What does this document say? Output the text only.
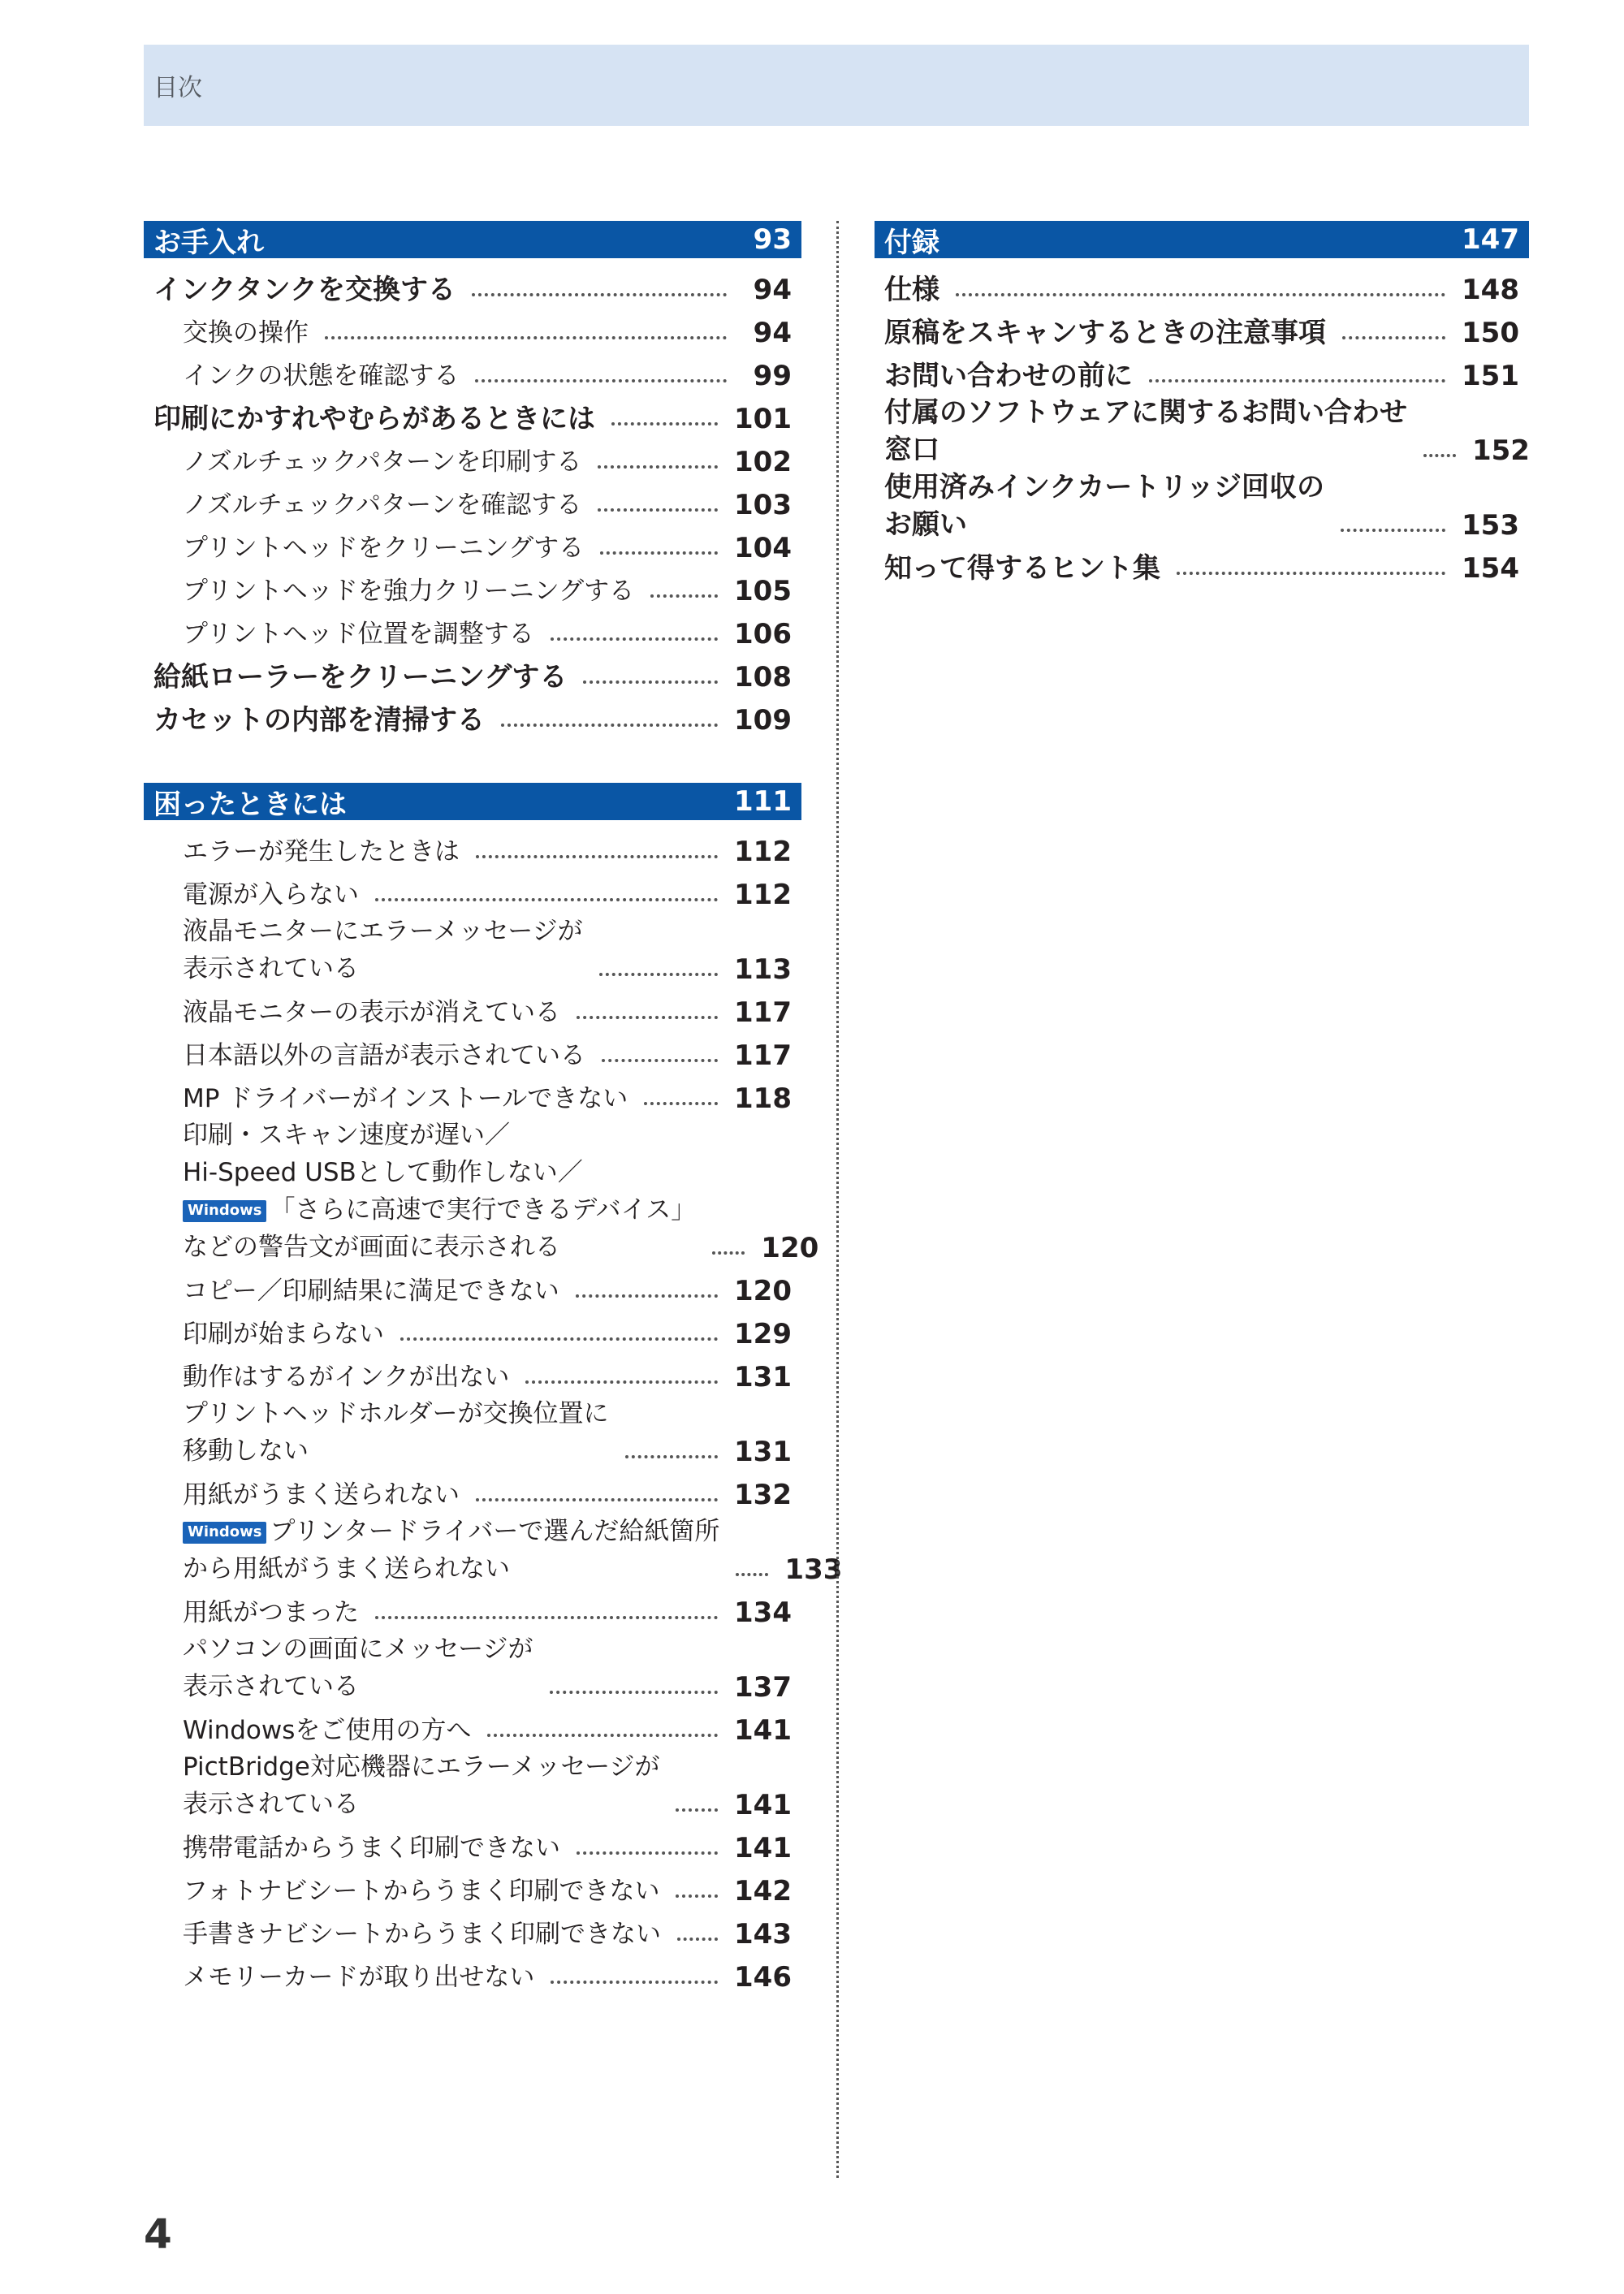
目次
お手入れ	93
インクタンクを交換する	94
交換の操作	94
インクの状態を確認する	99
印刷にかすれやむらがあるときには	101
ノズルチェックパターンを印刷する	102
ノズルチェックパターンを確認する	103
プリントヘッドをクリーニングする	104
プリントヘッドを強力クリーニングする	105
プリントヘッド位置を調整する	106
給紙ローラーをクリーニングする	108
カセットの内部を清掃する	109
困ったときには	111
エラーが発生したときは	112
電源が入らない	112
液晶モニターにエラーメッセージが
表示されている	113
液晶モニターの表示が消えている	117
日本語以外の言語が表示されている	117
MP ドライバーがインストールできない	118
印刷・スキャン速度が遅い／
Hi-Speed USBとして動作しない／
Windows 「さらに高速で実行できるデバイス」
などの警告文が画面に表示される	120
コピー／印刷結果に満足できない	120
印刷が始まらない	129
動作はするがインクが出ない	131
プリントヘッドホルダーが交換位置に
移動しない	131
用紙がうまく送られない	132
Windows プリンタードライバーで選んだ給紙箇所
から用紙がうまく送られない	133
用紙がつまった	134
パソコンの画面にメッセージが
表示されている	137
Windowsをご使用の方へ	141
PictBridge対応機器にエラーメッセージが
表示されている	141
携帯電話からうまく印刷できない	141
フォトナビシートからうまく印刷できない	142
手書きナビシートからうまく印刷できない	143
メモリーカードが取り出せない	146
付録	147
仕様	148
原稿をスキャンするときの注意事項	150
お問い合わせの前に	151
付属のソフトウェアに関するお問い合わせ
窓口	152
使用済みインクカートリッジ回収の
お願い	153
知って得するヒント集	154
4
